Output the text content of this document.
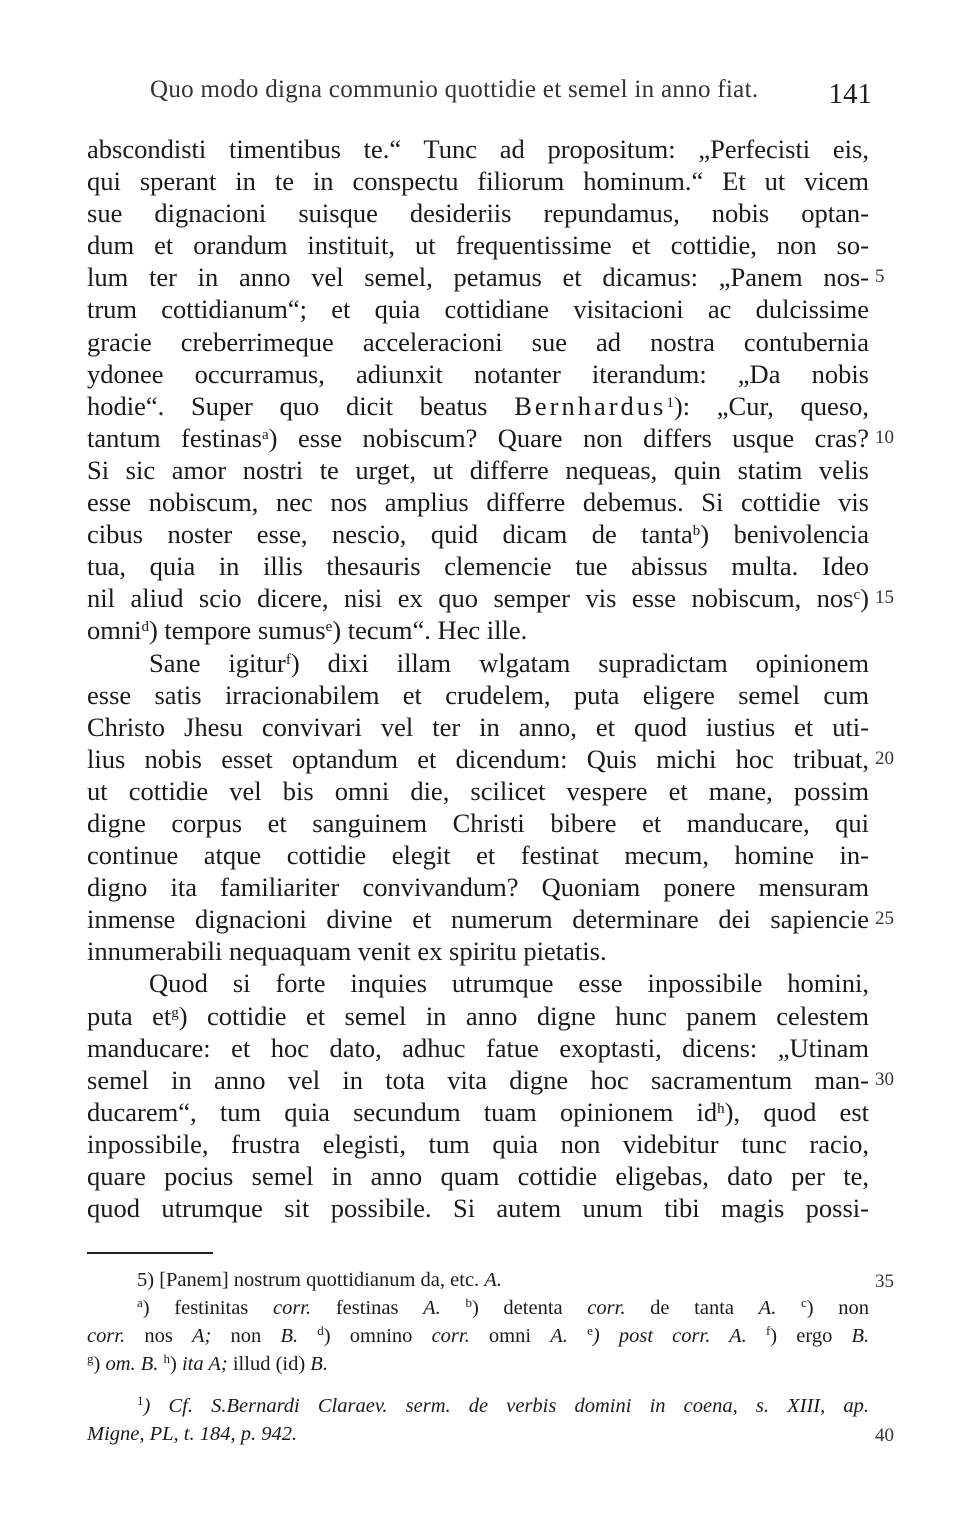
Quo modo digna communio quottidie et semel in anno fiat. 141
abscondisti timentibus te.“ Tunc ad propositum: „Perfecisti eis,
qui sperant in te in conspectu filiorum hominum.“ Et ut vicem
sue dignacioni suisque desideriis repundamus, nobis optan-
dum et orandum instituit, ut frequentissime et cottidie, non so-
lum ter in anno vel semel, petamus et dicamus: „Panem nos- 5
trum cottidianum“; et quia cottidiane visitacioni ac dulcissime
gracie creberrimeque acceleracioni sue ad nostra contubernia
ydonee occurramus, adiunxit notanter iterandum: „Da nobis
hodie“. Super quo dicit beatus Bernhardus$^1$): „Cur, queso,
tantum festinas$^a$) esse nobiscum? Quare non differs usque cras? 10
Si sic amor nostri te urget, ut differre nequeas, quin statim velis
esse nobiscum, nec nos amplius differre debemus. Si cottidie vis
cibus noster esse, nescio, quid dicam de tanta$^b$) benivolencia
tua, quia in illis thesauris clemencie tue abissus multa. Ideo
nil aliud scio dicere, nisi ex quo semper vis esse nobiscum, nos$^c$) 15
omni$^d$) tempore sumus$^e$) tecum“. Hec ille.
Sane igitur$^f$) dixi illam wlgatam supradictam opinionem
esse satis irracionabilem et crudelem, puta eligere semel cum
Christo Jhesu convivari vel ter in anno, et quod iustius et uti-
lius nobis esset optandum et dicendum: Quis michi hoc tribuat, 20
ut cottidie vel bis omni die, scilicet vespere et mane, possim
digne corpus et sanguinem Christi bibere et manducare, qui
continue atque cottidie elegit et festinat mecum, homine in-
digno ita familiariter convivandum? Quoniam ponere mensuram
inmense dignacioni divine et numerum determinare dei sapiencie 25
innumerabili nequaquam venit ex spiritu pietatis.
Quod si forte inquies utrumque esse inpossibile homini,
puta $et^g$) cottidie et semel in anno digne hunc panem celestem
manducare: et hoc dato, adhuc fatue exoptasti, dicens: „Utinam
semel in anno vel in tota vita digne hoc sacramentum man- 30
ducarem“, tum quia secundum tuam opinionem $id^h$), quod est
inpossibile, frustra elegisti, tum quia non videbitur tunc racio,
quare pocius semel in anno quam cottidie eligebas, dato per te,
quod utrumque sit possibile. Si autem unum tibi magis possi-
5) [Panem] nostrum quottidianum da, etc. A.	35
$^a$) festinitas corr. festinas A. $^b$) detenta corr. de tanta A. $^c$) non
corr. nos A; non B. $^d$) omnino corr. omni A. $^e$) post corr. A. $^f$) ergo B.
$^g$) om. B. $^h$) ita A; illud (id) B.
$^1$) Cf. S.Bernardi Claraev. serm. de verbis domini in coena, s. XIII, ap.
Migne, PL, t. 184, p. 942.	40
